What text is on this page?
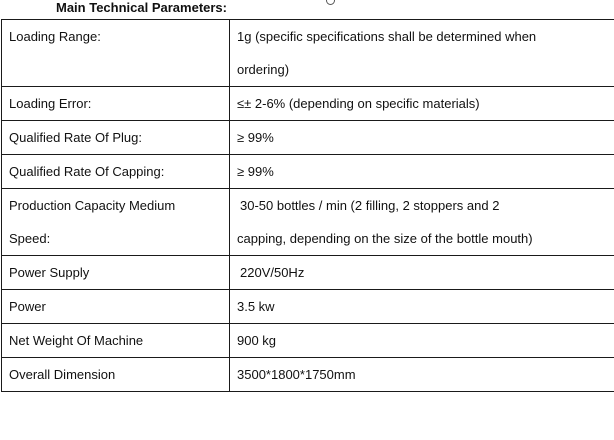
Main Technical Parameters:
Loading Range:	1g (specific specifications shall be determined when
ordering)

Loading Error:	≤± 2-6% (depending on specific materials)
Qualified Rate Of Plug:	≥ 99%
Qualified Rate Of Capping:	≥ 99%

Production Capacity Medium
Speed:	30-50 bottles / min (2 filling, 2 stoppers and 2
capping, depending on the size of the bottle mouth)

Power Supply	220V/50Hz
Power	3.5 kw
Net Weight Of Machine	900 kg
Overall Dimension	3500*1800*1750mm
